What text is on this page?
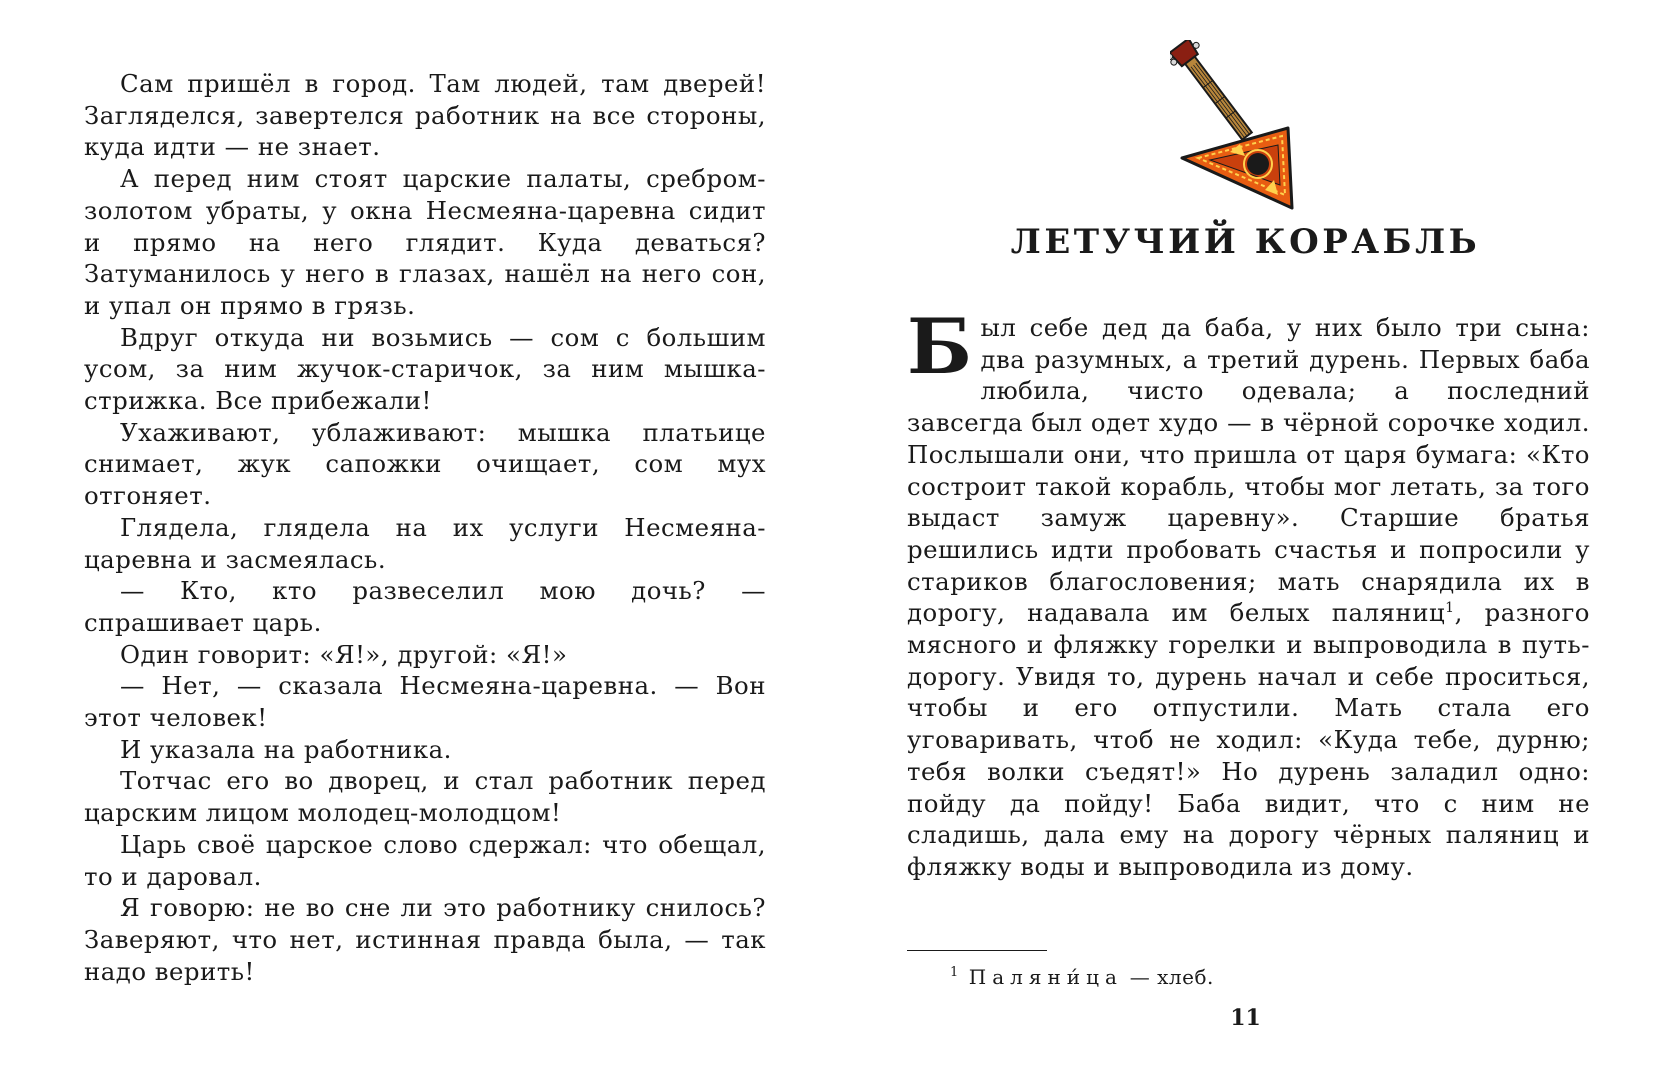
Сам пришёл в город. Там людей, там дверей! Загляделся, завертелся работник на все стороны, куда идти — не знает.

А перед ним стоят царские палаты, сребром-золотом убраты, у окна Несмеяна-царевна сидит и прямо на него глядит. Куда деваться? Затуманилось у него в глазах, нашёл на него сон, и упал он прямо в грязь.

Вдруг откуда ни возьмись — сом с большим усом, за ним жучок-старичок, за ним мышка-стрижка. Все прибежали!

Ухаживают, ублаживают: мышка платьице снимает, жук сапожки очищает, сом мух отгоняет.

Глядела, глядела на их услуги Несмеяна-царевна и засмеялась.

— Кто, кто развеселил мою дочь? — спрашивает царь.

Один говорит: «Я!», другой: «Я!»

— Нет, — сказала Несмеяна-царевна. — Вон этот человек!

И указала на работника.

Тотчас его во дворец, и стал работник перед царским лицом молодец-молодцом!

Царь своё царское слово сдержал: что обещал, то и даровал.

Я говорю: не во сне ли это работнику снилось? Заверяют, что нет, истинная правда была, — так надо верить!

ЛЕТУЧИЙ КОРАБЛЬ

Был себе дед да баба, у них было три сына: два разумных, а третий дурень. Первых баба любила, чисто одевала; а последний завсегда был одет худо — в чёрной сорочке ходил. Послышали они, что пришла от царя бумага: «Кто состроит такой корабль, чтобы мог летать, за того выдаст замуж царевну». Старшие братья решились идти пробовать счастья и попросили у стариков благословения; мать снарядила их в дорогу, надавала им белых паляниц$^1$, разного мясного и фляжку горелки и выпроводила в путь-дорогу. Увидя то, дурень начал и себе проситься, чтобы и его отпустили. Мать стала его уговаривать, чтоб не ходил: «Куда тебе, дурню; тебя волки съедят!» Но дурень заладил одно: пойду да пойду! Баба видит, что с ним не сладишь, дала ему на дорогу чёрных паляниц и фляжку воды и выпроводила из дому.

$^1$ Паляни́ца — хлеб.
11
